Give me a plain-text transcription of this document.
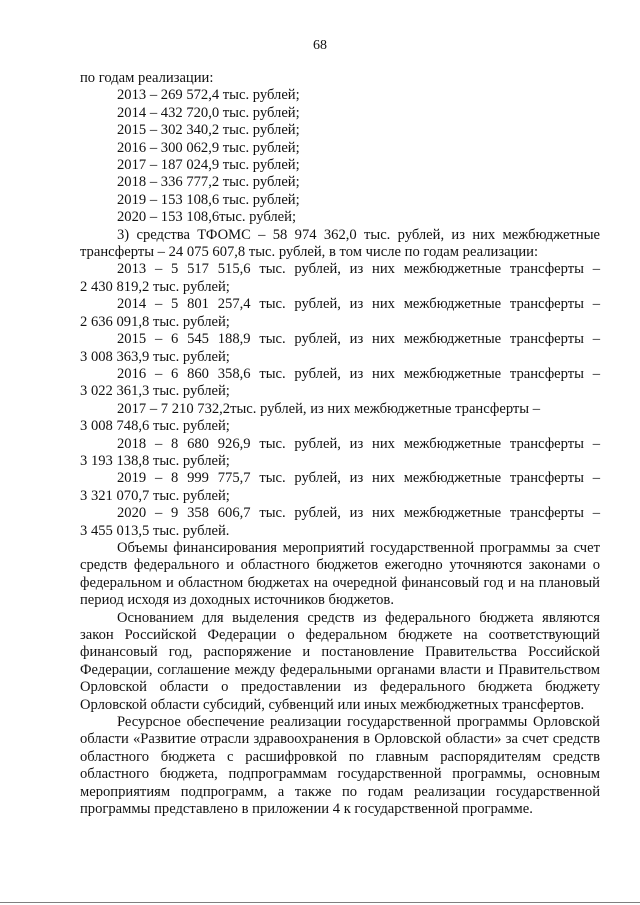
68

по годам реализации:

2013 – 269 572,4 тыс. рублей;

2014 – 432 720,0 тыс. рублей;

2015 – 302 340,2 тыс. рублей;

2016 – 300 062,9 тыс. рублей;

2017 – 187 024,9 тыс. рублей;

2018 – 336 777,2 тыс. рублей;

2019 – 153 108,6 тыс. рублей;

2020 – 153 108,6тыс. рублей;

3) средства ТФОМС – 58 974 362,0 тыс. рублей, из них межбюджетные трансферты – 24 075 607,8 тыс. рублей, в том числе по годам реализации:

2013 – 5 517 515,6 тыс. рублей, из них межбюджетные трансферты –

2 430 819,2 тыс. рублей;

2014 – 5 801 257,4 тыс. рублей, из них межбюджетные трансферты –

2 636 091,8 тыс. рублей;

2015 – 6 545 188,9 тыс. рублей, из них межбюджетные трансферты –

3 008 363,9 тыс. рублей;

2016 – 6 860 358,6 тыс. рублей, из них межбюджетные трансферты –

3 022 361,3 тыс. рублей;

2017 – 7 210 732,2тыс. рублей, из них межбюджетные трансферты –

3 008 748,6 тыс. рублей;

2018 – 8 680 926,9 тыс. рублей, из них межбюджетные трансферты –

3 193 138,8 тыс. рублей;

2019 – 8 999 775,7 тыс. рублей, из них межбюджетные трансферты –

3 321 070,7 тыс. рублей;

2020 – 9 358 606,7 тыс. рублей, из них межбюджетные трансферты –

3 455 013,5 тыс. рублей.

Объемы финансирования мероприятий государственной программы за счет средств федерального и областного бюджетов ежегодно уточняются законами о федеральном и областном бюджетах на очередной финансовый год и на плановый период исходя из доходных источников бюджетов.

Основанием для выделения средств из федерального бюджета являются закон Российской Федерации о федеральном бюджете на соответствующий финансовый год, распоряжение и постановление Правительства Российской Федерации, соглашение между федеральными органами власти и Правительством Орловской области о предоставлении из федерального бюджета бюджету Орловской области субсидий, субвенций или иных межбюджетных трансфертов.

Ресурсное обеспечение реализации государственной программы Орловской области «Развитие отрасли здравоохранения в Орловской области» за счет средств областного бюджета с расшифровкой по главным распорядителям средств областного бюджета, подпрограммам государственной программы, основным мероприятиям подпрограмм, а также по годам реализации государственной программы представлено в приложении 4 к государственной программе.
